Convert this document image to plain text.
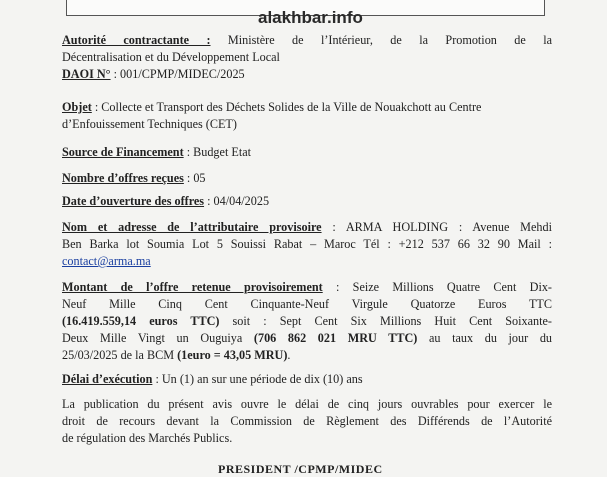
alakhbar.info
Autorité contractante : Ministère de l’Intérieur, de la Promotion de la
Décentralisation et du Développement Local
DAOI N° : 001/CPMP/MIDEC/2025
Objet : Collecte et Transport des Déchets Solides de la Ville de Nouakchott au Centre
d’Enfouissement Techniques (CET)
Source de Financement : Budget Etat
Nombre d’offres reçues : 05
Date d’ouverture des offres : 04/04/2025
Nom et adresse de l’attributaire provisoire : ARMA HOLDING : Avenue Mehdi
Ben Barka lot Soumia Lot 5 Souissi Rabat – Maroc Tél : +212 537 66 32 90 Mail :
contact@arma.ma
Montant de l’offre retenue provisoirement : Seize Millions Quatre Cent Dix-
Neuf Mille Cinq Cent Cinquante-Neuf Virgule Quatorze Euros TTC
(16.419.559,14 euros TTC) soit : Sept Cent Six Millions Huit Cent Soixante-
Deux Mille Vingt un Ouguiya (706 862 021 MRU TTC) au taux du jour du
25/03/2025 de la BCM (1euro = 43,05 MRU).
Délai d’exécution : Un (1) an sur une période de dix (10) ans
La publication du présent avis ouvre le délai de cinq jours ouvrables pour exercer le
droit de recours devant la Commission de Règlement des Différends de l’Autorité
de régulation des Marchés Publics.
PRESIDENT /CPMP/MIDEC
